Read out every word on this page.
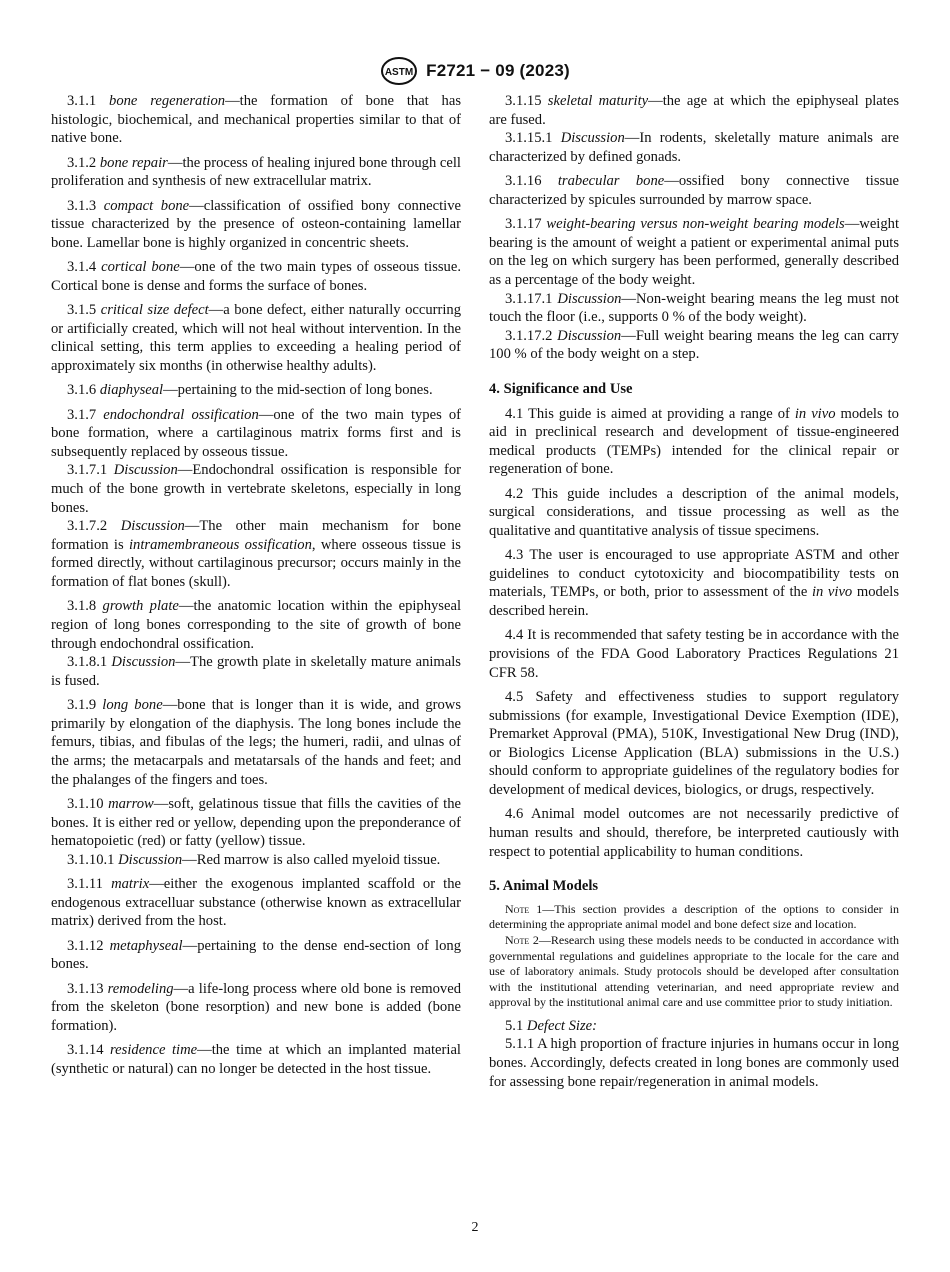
ASTM F2721 − 09 (2023)

3.1.1 bone regeneration—the formation of bone that has histologic, biochemical, and mechanical properties similar to that of native bone.

3.1.2 bone repair—the process of healing injured bone through cell proliferation and synthesis of new extracellular matrix.

3.1.3 compact bone—classification of ossified bony connective tissue characterized by the presence of osteon-containing lamellar bone. Lamellar bone is highly organized in concentric sheets.

3.1.4 cortical bone—one of the two main types of osseous tissue. Cortical bone is dense and forms the surface of bones.

3.1.5 critical size defect—a bone defect, either naturally occurring or artificially created, which will not heal without intervention. In the clinical setting, this term applies to exceeding a healing period of approximately six months (in otherwise healthy adults).

3.1.6 diaphyseal—pertaining to the mid-section of long bones.

3.1.7 endochondral ossification—one of the two main types of bone formation, where a cartilaginous matrix forms first and is subsequently replaced by osseous tissue.

3.1.7.1 Discussion—Endochondral ossification is responsible for much of the bone growth in vertebrate skeletons, especially in long bones.

3.1.7.2 Discussion—The other main mechanism for bone formation is intramembraneous ossification, where osseous tissue is formed directly, without cartilaginous precursor; occurs mainly in the formation of flat bones (skull).

3.1.8 growth plate—the anatomic location within the epiphyseal region of long bones corresponding to the site of growth of bone through endochondral ossification.

3.1.8.1 Discussion—The growth plate in skeletally mature animals is fused.

3.1.9 long bone—bone that is longer than it is wide, and grows primarily by elongation of the diaphysis. The long bones include the femurs, tibias, and fibulas of the legs; the humeri, radii, and ulnas of the arms; the metacarpals and metatarsals of the hands and feet; and the phalanges of the fingers and toes.

3.1.10 marrow—soft, gelatinous tissue that fills the cavities of the bones. It is either red or yellow, depending upon the preponderance of hematopoietic (red) or fatty (yellow) tissue.

3.1.10.1 Discussion—Red marrow is also called myeloid tissue.

3.1.11 matrix—either the exogenous implanted scaffold or the endogenous extracelluar substance (otherwise known as extracellular matrix) derived from the host.

3.1.12 metaphyseal—pertaining to the dense end-section of long bones.

3.1.13 remodeling—a life-long process where old bone is removed from the skeleton (bone resorption) and new bone is added (bone formation).

3.1.14 residence time—the time at which an implanted material (synthetic or natural) can no longer be detected in the host tissue.

3.1.15 skeletal maturity—the age at which the epiphyseal plates are fused.

3.1.15.1 Discussion—In rodents, skeletally mature animals are characterized by defined gonads.

3.1.16 trabecular bone—ossified bony connective tissue characterized by spicules surrounded by marrow space.

3.1.17 weight-bearing versus non-weight bearing models—weight bearing is the amount of weight a patient or experimental animal puts on the leg on which surgery has been performed, generally described as a percentage of the body weight.

3.1.17.1 Discussion—Non-weight bearing means the leg must not touch the floor (i.e., supports 0 % of the body weight).

3.1.17.2 Discussion—Full weight bearing means the leg can carry 100 % of the body weight on a step.

4. Significance and Use

4.1 This guide is aimed at providing a range of in vivo models to aid in preclinical research and development of tissue-engineered medical products (TEMPs) intended for the clinical repair or regeneration of bone.

4.2 This guide includes a description of the animal models, surgical considerations, and tissue processing as well as the qualitative and quantitative analysis of tissue specimens.

4.3 The user is encouraged to use appropriate ASTM and other guidelines to conduct cytotoxicity and biocompatibility tests on materials, TEMPs, or both, prior to assessment of the in vivo models described herein.

4.4 It is recommended that safety testing be in accordance with the provisions of the FDA Good Laboratory Practices Regulations 21 CFR 58.

4.5 Safety and effectiveness studies to support regulatory submissions (for example, Investigational Device Exemption (IDE), Premarket Approval (PMA), 510K, Investigational New Drug (IND), or Biologics License Application (BLA) submissions in the U.S.) should conform to appropriate guidelines of the regulatory bodies for development of medical devices, biologics, or drugs, respectively.

4.6 Animal model outcomes are not necessarily predictive of human results and should, therefore, be interpreted cautiously with respect to potential applicability to human conditions.

5. Animal Models

Note 1—This section provides a description of the options to consider in determining the appropriate animal model and bone defect size and location.

Note 2—Research using these models needs to be conducted in accordance with governmental regulations and guidelines appropriate to the locale for the care and use of laboratory animals. Study protocols should be developed after consultation with the institutional attending veterinarian, and need appropriate review and approval by the institutional animal care and use committee prior to study initiation.

5.1 Defect Size:

5.1.1 A high proportion of fracture injuries in humans occur in long bones. Accordingly, defects created in long bones are commonly used for assessing bone repair/regeneration in animal models.

2
